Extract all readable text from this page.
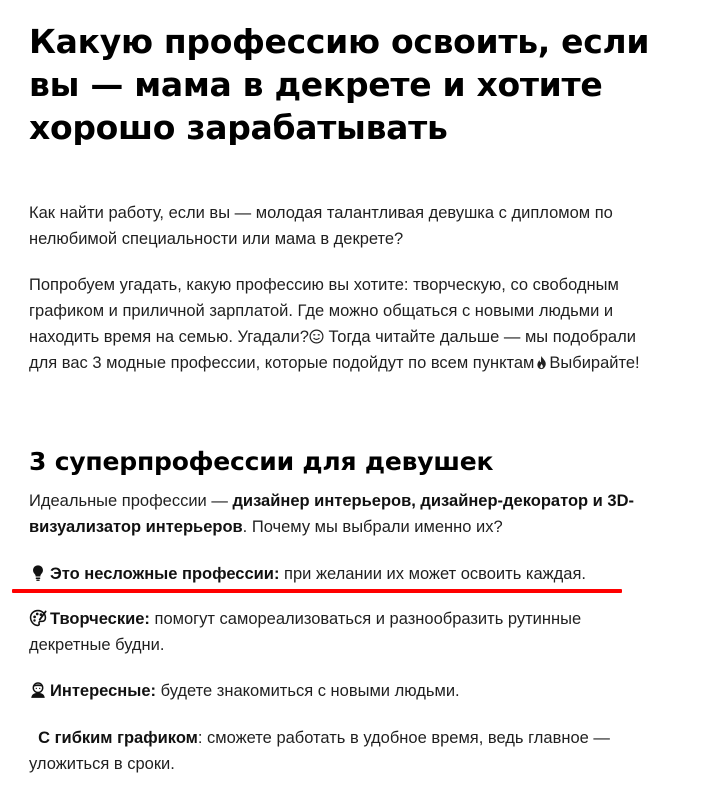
Какую профессию освоить, если вы — мама в декрете и хотите хорошо зарабатывать

Как найти работу, если вы — молодая талантливая девушка с дипломом по нелюбимой специальности или мама в декрете?

Попробуем угадать, какую профессию вы хотите: творческую, со свободным графиком и приличной зарплатой. Где можно общаться с новыми людьми и находить время на семью. Угадали?
Тогда читайте дальше — мы подобрали для вас 3 модные профессии, которые подойдут по всем пунктам Выбирайте!

3 суперпрофессии для девушек

Идеальные профессии — дизайнер интерьеров, дизайнер-декоратор и 3D-визуализатор интерьеров. Почему мы выбрали именно их?

Это несложные профессии: при желании их может освоить каждая.

Творческие: помогут самореализоваться и разнообразить рутинные декретные будни.

Интересные: будете знакомиться с новыми людьми.

С гибким графиком: сможете работать в удобное время, ведь главное — уложиться в сроки.
